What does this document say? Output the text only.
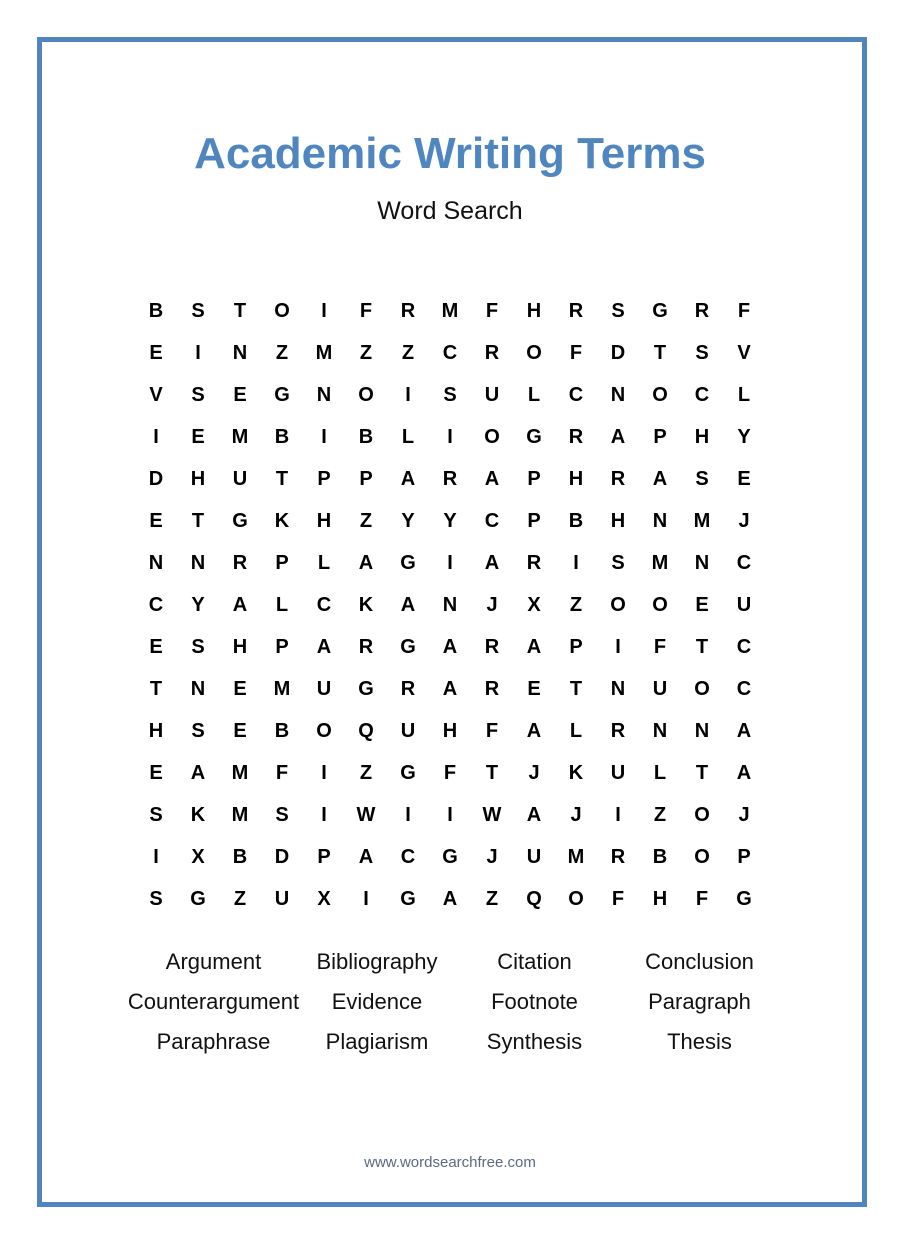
Academic Writing Terms
Word Search
B	S	T	O	I	F	R	M	F	H	R	S	G	R	F
E	I	N	Z	M	Z	Z	C	R	O	F	D	T	S	V
V	S	E	G	N	O	I	S	U	L	C	N	O	C	L
I	E	M	B	I	B	L	I	O	G	R	A	P	H	Y
D	H	U	T	P	P	A	R	A	P	H	R	A	S	E
E	T	G	K	H	Z	Y	Y	C	P	B	H	N	M	J
N	N	R	P	L	A	G	I	A	R	I	S	M	N	C
C	Y	A	L	C	K	A	N	J	X	Z	O	O	E	U
E	S	H	P	A	R	G	A	R	A	P	I	F	T	C
T	N	E	M	U	G	R	A	R	E	T	N	U	O	C
H	S	E	B	O	Q	U	H	F	A	L	R	N	N	A
E	A	M	F	I	Z	G	F	T	J	K	U	L	T	A
S	K	M	S	I	W	I	I	W	A	J	I	Z	O	J
I	X	B	D	P	A	C	G	J	U	M	R	B	O	P
S	G	Z	U	X	I	G	A	Z	Q	O	F	H	F	G
Argument	Bibliography	Citation	Conclusion
Counterargument	Evidence	Footnote	Paragraph
Paraphrase	Plagiarism	Synthesis	Thesis
www.wordsearchfree.com
